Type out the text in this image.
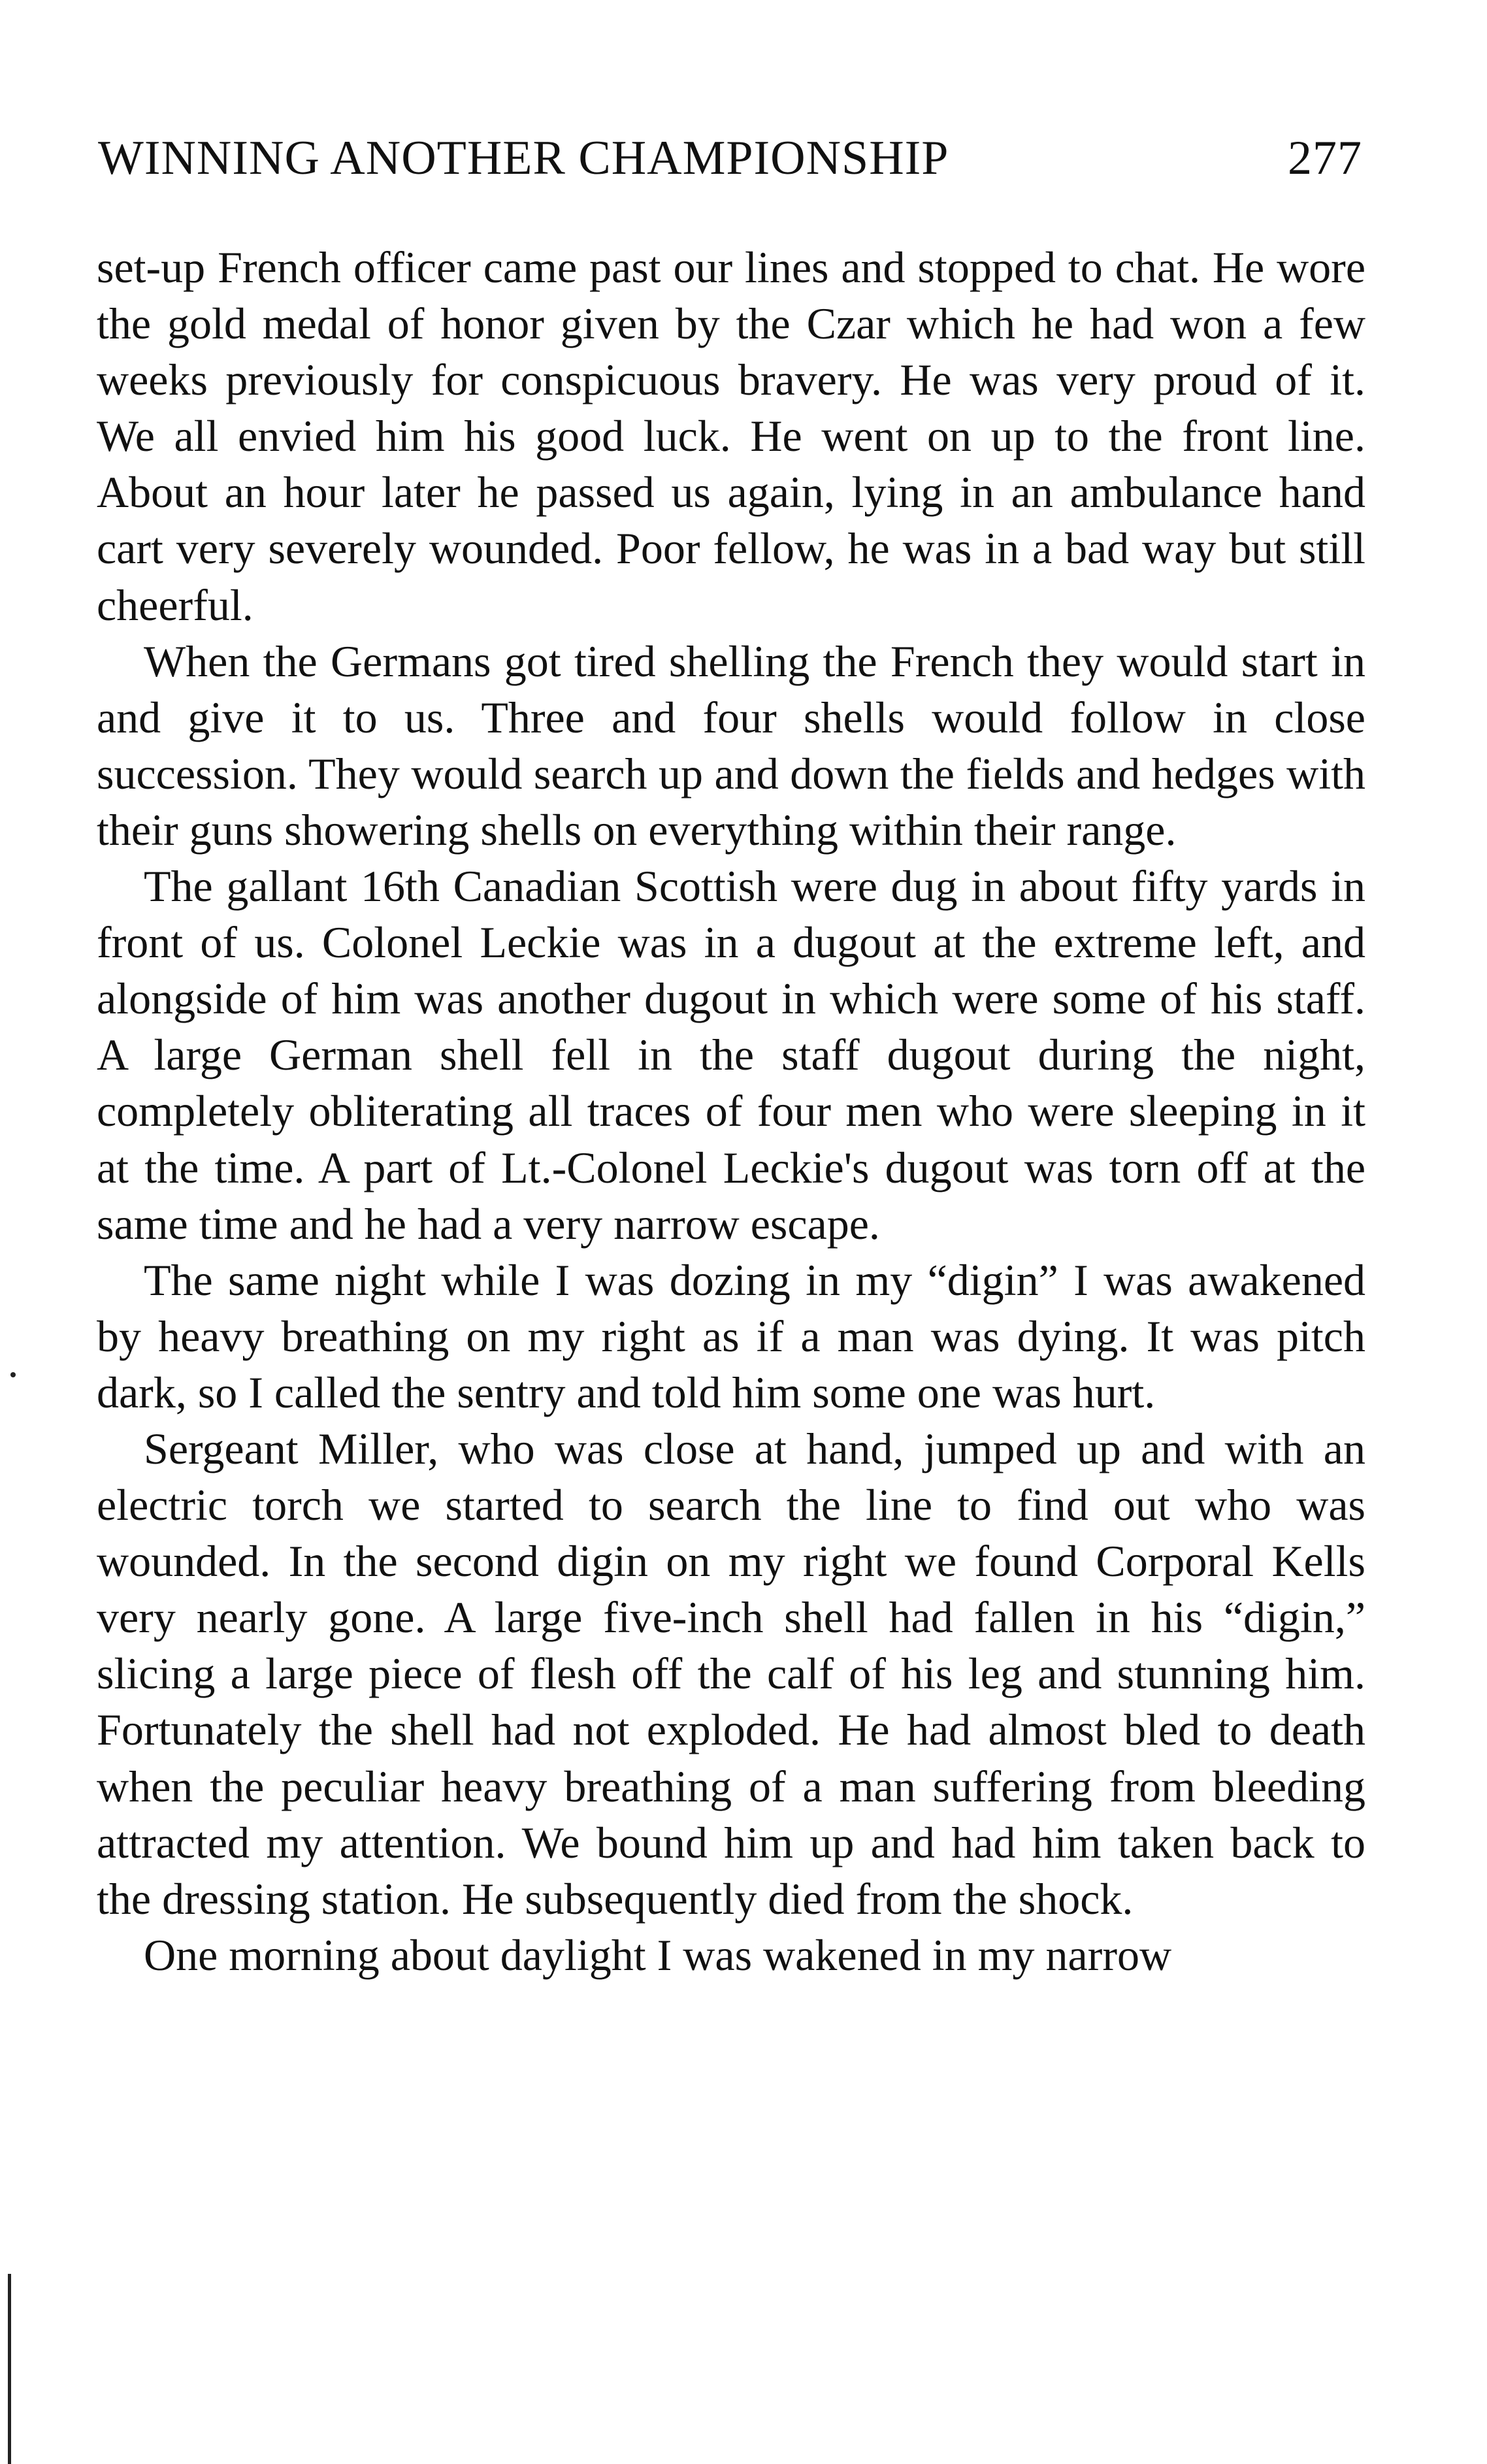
WINNING ANOTHER CHAMPIONSHIP	277

set-up French officer came past our lines and stopped to chat. He wore the gold medal of honor given by the Czar which he had won a few weeks previously for conspicuous bravery. He was very proud of it. We all envied him his good luck. He went on up to the front line. About an hour later he passed us again, lying in an ambulance hand cart very severely wounded. Poor fellow, he was in a bad way but still cheerful.

When the Germans got tired shelling the French they would start in and give it to us. Three and four shells would follow in close succession. They would search up and down the fields and hedges with their guns showering shells on everything within their range.

The gallant 16th Canadian Scottish were dug in about fifty yards in front of us. Colonel Leckie was in a dugout at the extreme left, and alongside of him was another dugout in which were some of his staff. A large German shell fell in the staff dugout during the night, completely obliterating all traces of four men who were sleeping in it at the time. A part of Lt.-Colonel Leckie's dugout was torn off at the same time and he had a very narrow escape.

The same night while I was dozing in my “digin” I was awakened by heavy breathing on my right as if a man was dying. It was pitch dark, so I called the sentry and told him some one was hurt.

Sergeant Miller, who was close at hand, jumped up and with an electric torch we started to search the line to find out who was wounded. In the second digin on my right we found Corporal Kells very nearly gone. A large five-inch shell had fallen in his “digin,” slicing a large piece of flesh off the calf of his leg and stunning him. Fortunately the shell had not exploded. He had almost bled to death when the peculiar heavy breathing of a man suffering from bleeding attracted my attention. We bound him up and had him taken back to the dressing station. He subsequently died from the shock.

One morning about daylight I was wakened in my narrow
